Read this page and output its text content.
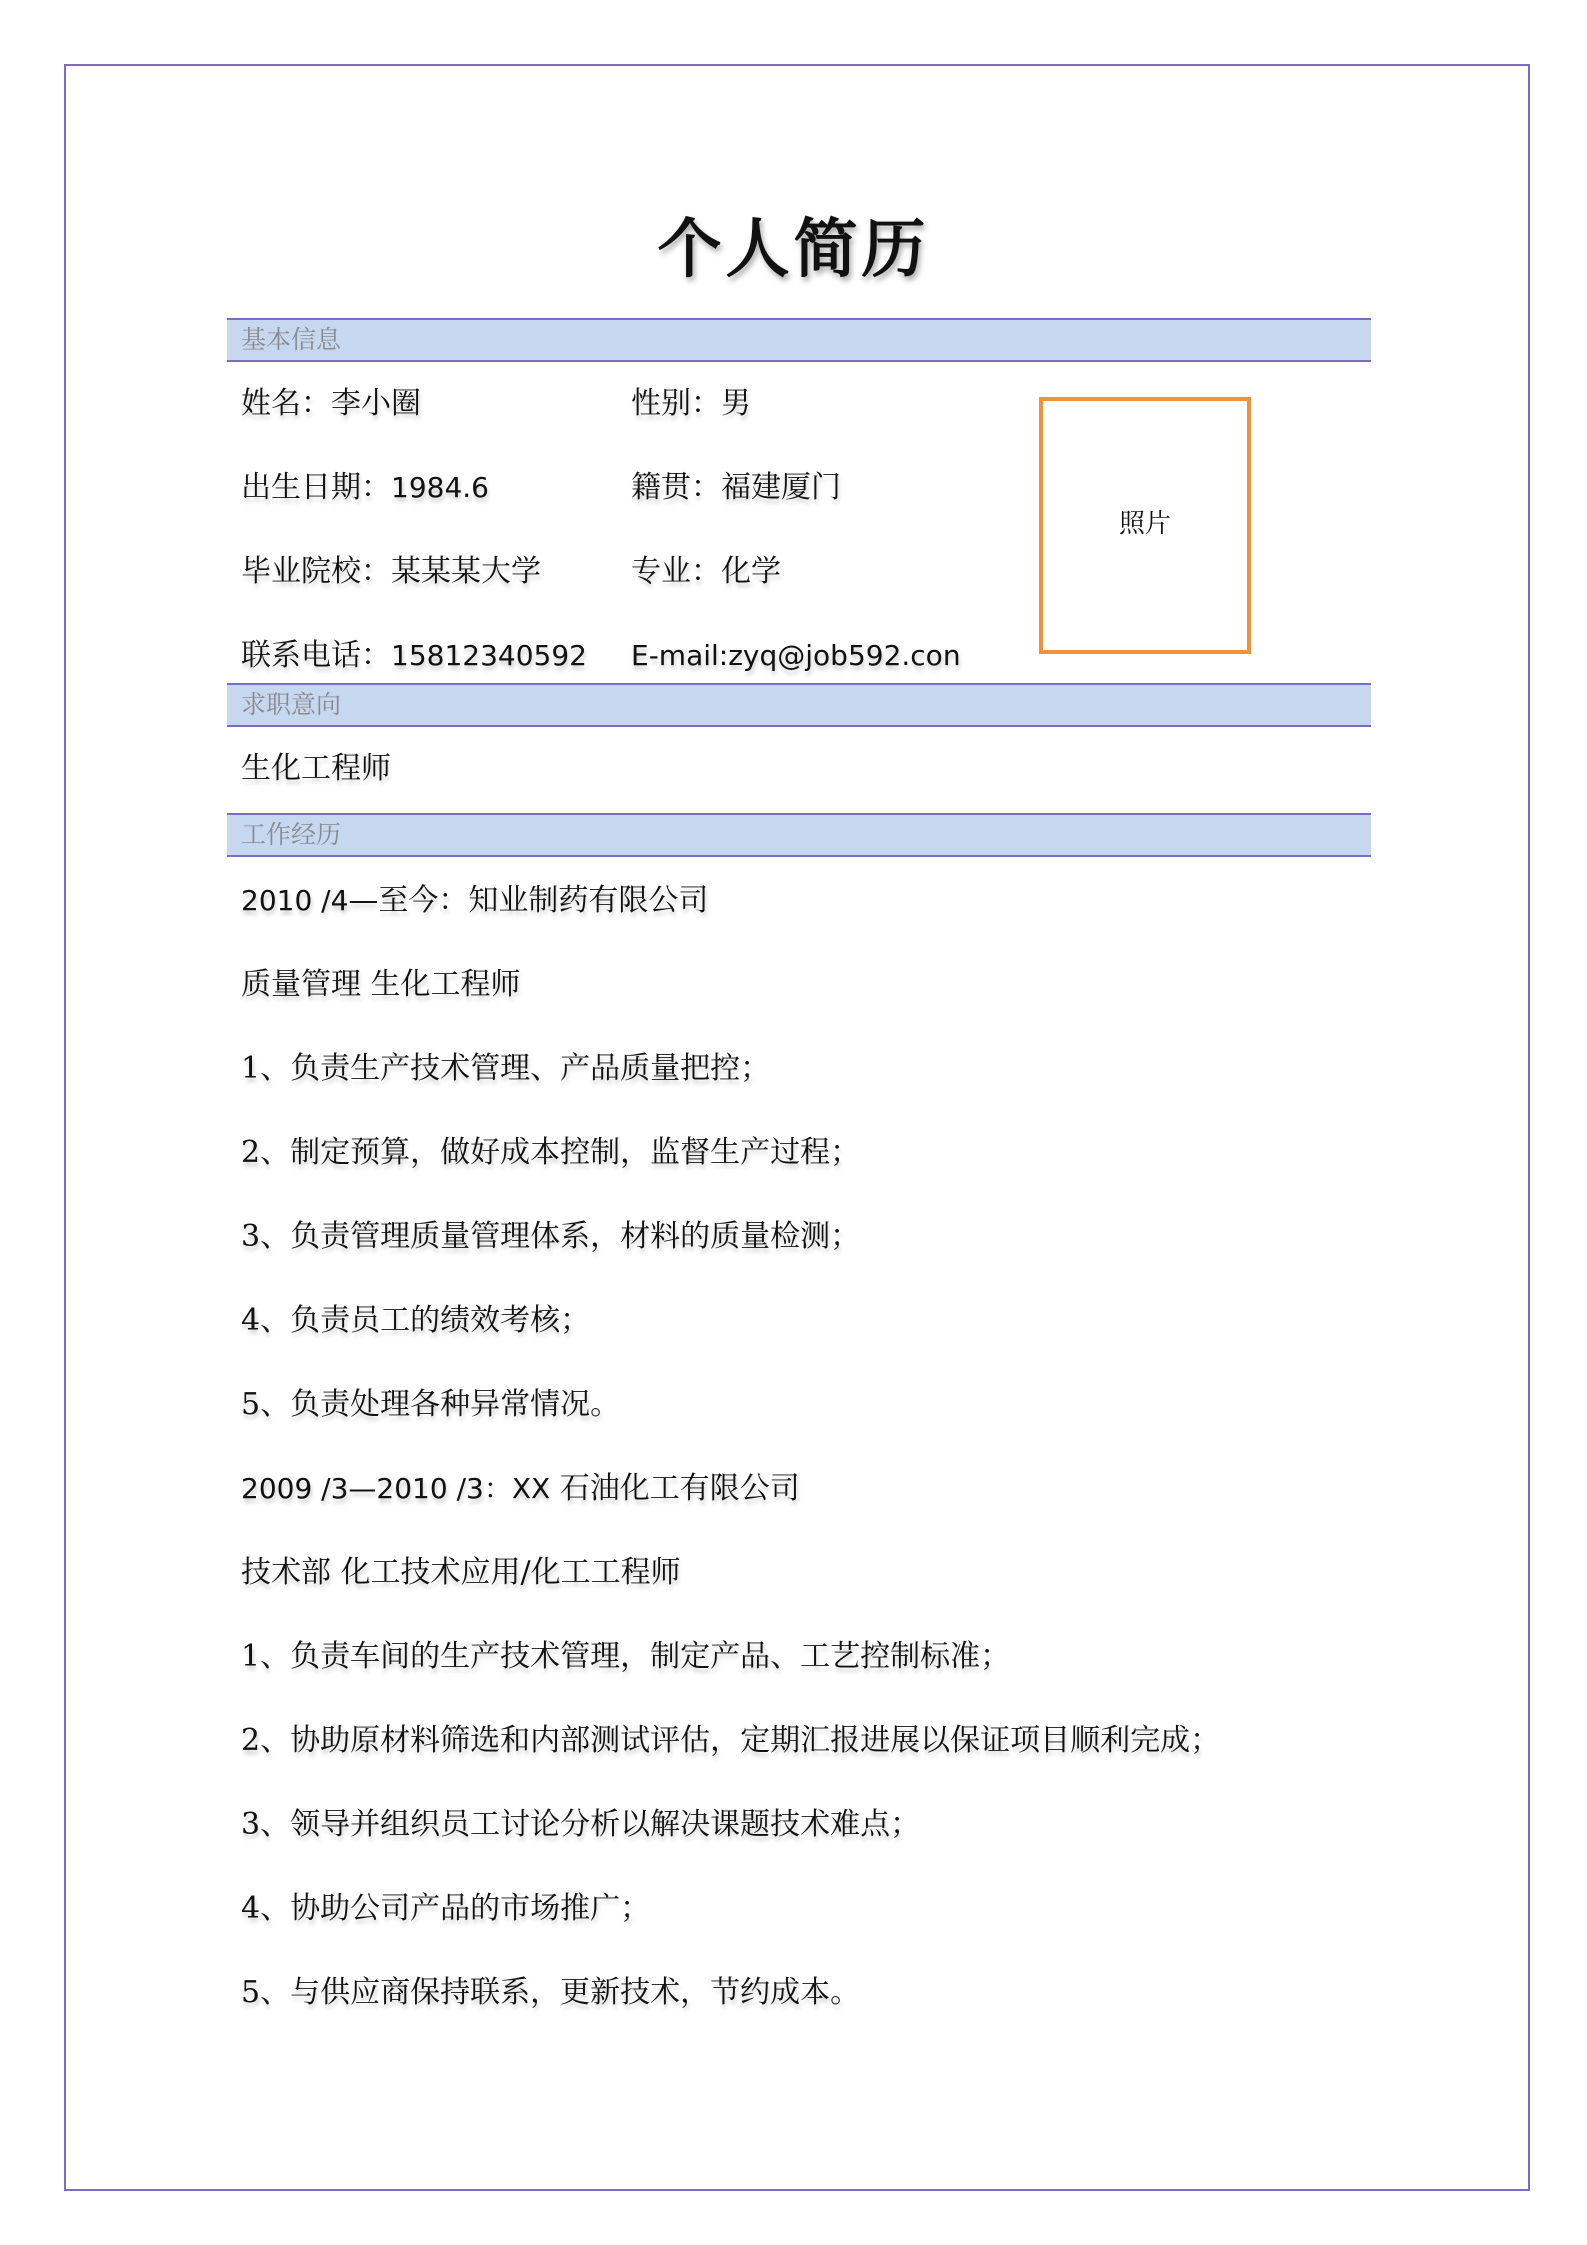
个人简历
基本信息
姓名：李小圈	性别：男
出生日期：1984.6	籍贯：福建厦门
毕业院校：某某某大学	专业：化学
联系电话：15812340592 E-mail:zyq@job592.con
照片
求职意向
生化工程师
工作经历
2010 /4—至今：知业制药有限公司
质量管理 生化工程师
1、负责生产技术管理、产品质量把控；
2、制定预算，做好成本控制，监督生产过程；
3、负责管理质量管理体系，材料的质量检测；
4、负责员工的绩效考核；
5、负责处理各种异常情况。
2009 /3—2010 /3：XX 石油化工有限公司
技术部 化工技术应用/化工工程师
1、负责车间的生产技术管理，制定产品、工艺控制标准；
2、协助原材料筛选和内部测试评估，定期汇报进展以保证项目顺利完成；
3、领导并组织员工讨论分析以解决课题技术难点；
4、协助公司产品的市场推广；
5、与供应商保持联系，更新技术，节约成本。
